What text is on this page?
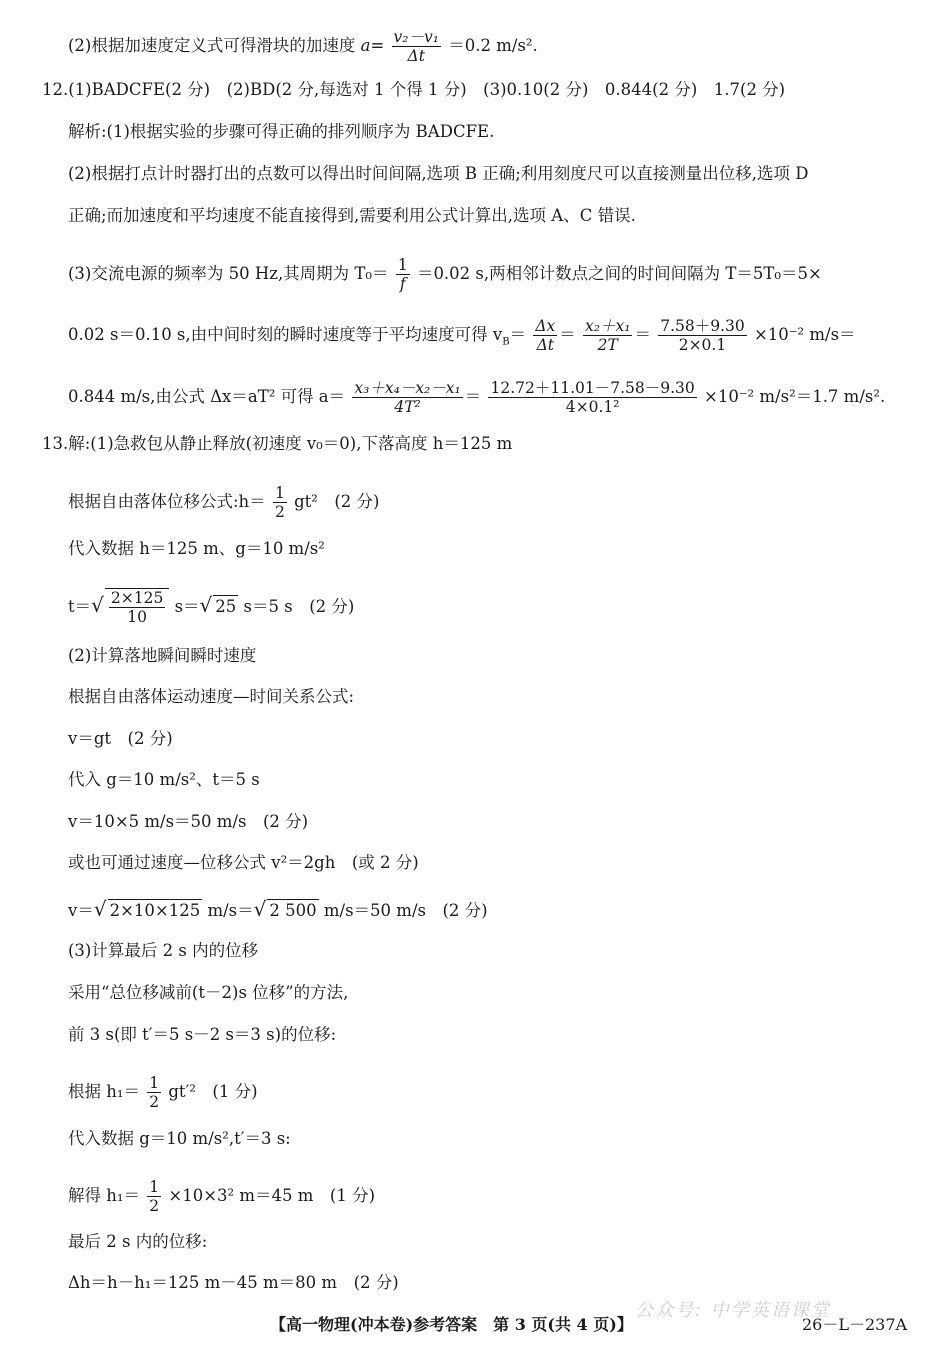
(2)根据加速度定义式可得滑块的加速度 $a= \frac{\text{v₂－v₁}}{\Delta t} =0.2$ m/s².
12.(1)BADCFE(2 分)　(2)BD(2 分,每选对 1 个得 1 分)　(3)0.10(2 分)　0.844(2 分)　1.7(2 分)
解析:(1)根据实验的步骤可得正确的排列顺序为 BADCFE.
(2)根据打点计时器打出的点数可以得出时间间隔,选项 B 正确;利用刻度尺可以直接测量出位移,选项 D
正确;而加速度和平均速度不能直接得到,需要利用公式计算出,选项 A、C 错误.
(3)交流电源的频率为 50 Hz,其周期为 $T_0= \frac{1}{f} =0.02$ s,两相邻计数点之间的时间间隔为 T＝5T₀＝5×
0.02 s＝0.10 s,由中间时刻的瞬时速度等于平均速度可得 $v_B= \frac{\Delta x}{\Delta t} = \frac{\text{x₂＋x₁}}{2T} = \frac{7.58+9.30}{2\times 0.1} \times 10^{-2}$ m/s＝
0.844 m/s,由公式 Δx＝aT² 可得 $a= \frac{\text{x₃＋x₄－x₂－x₁}}{\text{4T²}} = \frac{12.72+11.01-7.58-9.30}{\text{4×0.1²}} \times 10^{-2}$ m/s²＝1.7 m/s².
13.解:(1)急救包从静止释放(初速度 v₀＝0),下落高度 h＝125 m
根据自由落体位移公式:h＝ $\frac{1}{2} gt^2$　(2 分)
代入数据 h＝125 m、g＝10 m/s²
$t=√ \frac{2\times 125}{10} s=√$ 25 s＝5 s　(2 分)
(2)计算落地瞬间瞬时速度
根据自由落体运动速度—时间关系公式:
v＝gt　(2 分)
代入 g＝10 m/s²、t＝5 s
v＝10×5 m/s＝50 m/s　(2 分)
或也可通过速度—位移公式 v²＝2gh　(或 2 分)
v＝√ 2×10×125 m/s＝√ 2 500 m/s＝50 m/s　(2 分)
(3)计算最后 2 s 内的位移
采用“总位移减前(t－2)s 位移”的方法,
前 3 s(即 t′＝5 s－2 s＝3 s)的位移:
根据 $h_1= \frac{1}{2} gt'^2$　(1 分)
代入数据 g＝10 m/s²,t′＝3 s:
解得 $h_1= \frac{1}{2} \times 10\times 3^2$ m＝45 m　(1 分)
最后 2 s 内的位移:
Δh＝h－h₁＝125 m－45 m＝80 m　(2 分)
公众号: 中学英语课堂
【高一物理(冲本卷)参考答案　第 3 页(共 4 页)】	26－L－237A
